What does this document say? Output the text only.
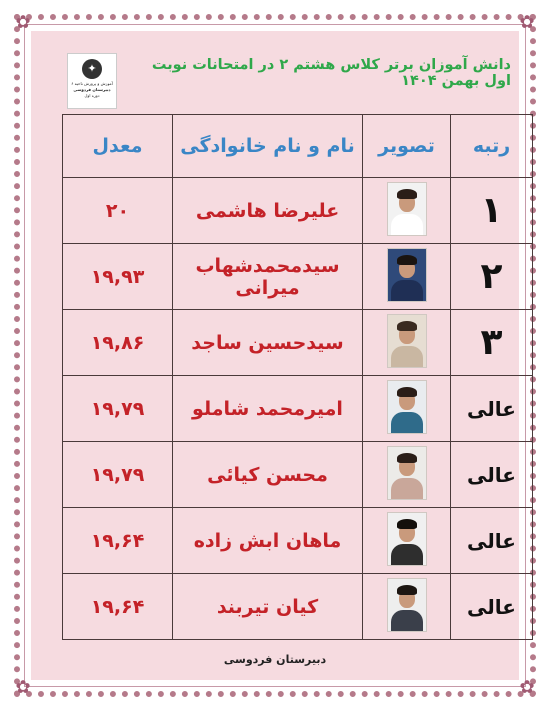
✿	✿
✿	✿
✦
آموزش و پرورش ناحیه ۶
دبیرستان فردوسی
دوره اول
دانش آموزان برتر کلاس هشتم ۲ در امتحانات نوبت اول بهمن ۱۴۰۴
رتبه	تصویر	نام و نام خانوادگی	معدل
۱		علیرضا هاشمی	۲۰
۲		سیدمحمدشهاب میرانی	۱۹,۹۳
۳		سیدحسین ساجد	۱۹,۸۶
عالی		امیرمحمد شاملو	۱۹,۷۹
عالی		محسن کیائی	۱۹,۷۹
عالی		ماهان ابش زاده	۱۹,۶۴
عالی		کیان تیربند	۱۹,۶۴
دبیرستان فردوسی
